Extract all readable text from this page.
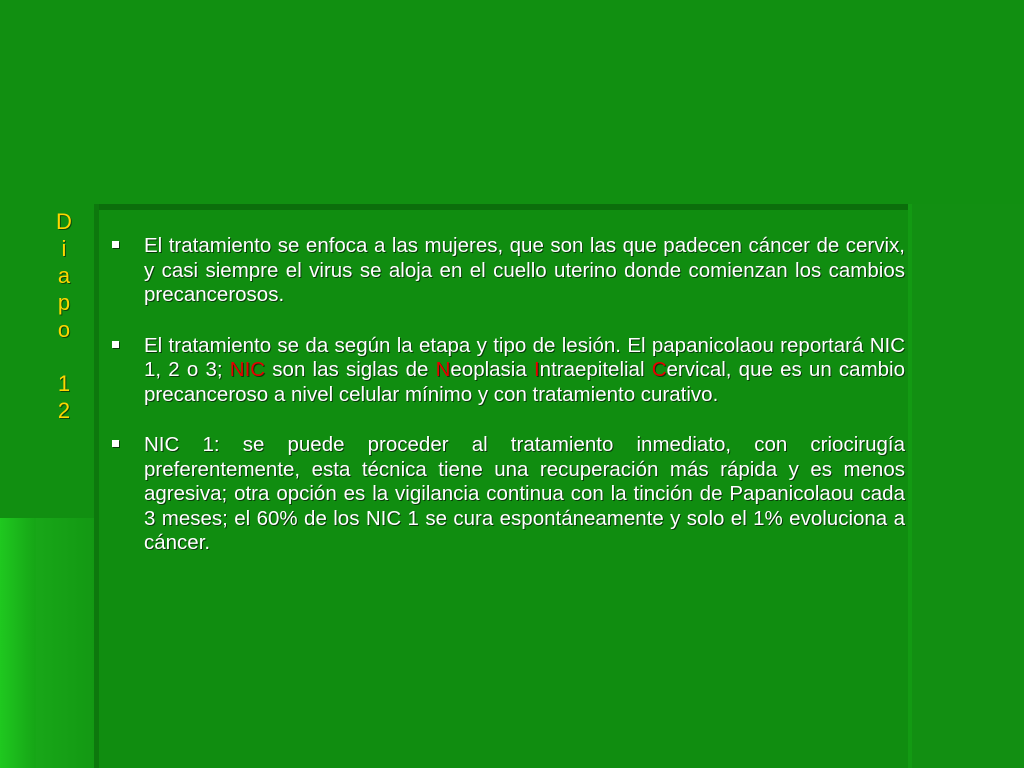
D
i
a
p
o
1
2
El tratamiento se enfoca a las mujeres, que son las que padecen cáncer de cervix, y casi siempre el virus se aloja en el cuello uterino donde comienzan los cambios precancerosos.
El tratamiento se da según la etapa y tipo de lesión. El papanicolaou reportará NIC 1, 2 o 3; NIC son las siglas de Neoplasia Intraepitelial Cervical, que es un cambio precanceroso a nivel celular mínimo y con tratamiento curativo.
NIC 1: se puede proceder al tratamiento inmediato, con criocirugía preferentemente, esta técnica tiene una recuperación más rápida y es menos agresiva; otra opción es la vigilancia continua con la tinción de Papanicolaou cada 3 meses; el 60% de los NIC 1 se cura espontáneamente y solo el 1% evoluciona a cáncer.
